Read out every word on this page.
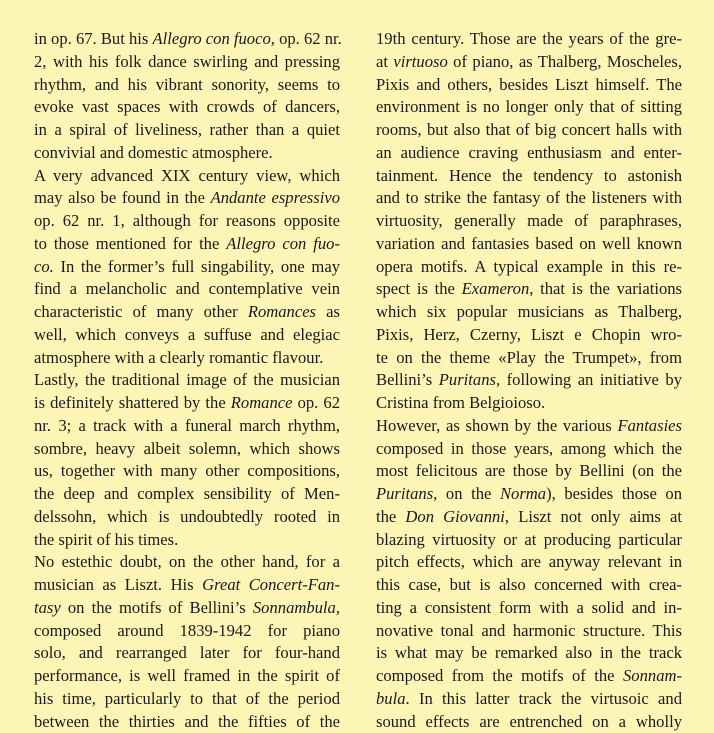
in op. 67. But his Allegro con fuoco, op. 62 nr.
2, with his folk dance swirling and pressing
rhythm, and his vibrant sonority, seems to
evoke vast spaces with crowds of dancers,
in a spiral of liveliness, rather than a quiet
convivial and domestic atmosphere.
A very advanced XIX century view, which
may also be found in the Andante espressivo
op. 62 nr. 1, although for reasons opposite
to those mentioned for the Allegro con fuo-
co. In the former’s full singability, one may
find a melancholic and contemplative vein
characteristic of many other Romances as
well, which conveys a suffuse and elegiac
atmosphere with a clearly romantic flavour.
Lastly, the traditional image of the musician
is definitely shattered by the Romance op. 62
nr. 3; a track with a funeral march rhythm,
sombre, heavy albeit solemn, which shows
us, together with many other compositions,
the deep and complex sensibility of Men-
delssohn, which is undoubtedly rooted in
the spirit of his times.
No estethic doubt, on the other hand, for a
musician as Liszt. His Great Concert-Fan-
tasy on the motifs of Bellini’s Sonnambula,
composed around 1839-1942 for piano
solo, and rearranged later for four-hand
performance, is well framed in the spirit of
his time, particularly to that of the period
between the thirties and the fifties of the
19th century. Those are the years of the gre-
at virtuoso of piano, as Thalberg, Moscheles,
Pixis and others, besides Liszt himself. The
environment is no longer only that of sitting
rooms, but also that of big concert halls with
an audience craving enthusiasm and enter-
tainment. Hence the tendency to astonish
and to strike the fantasy of the listeners with
virtuosity, generally made of paraphrases,
variation and fantasies based on well known
opera motifs. A typical example in this re-
spect is the Exameron, that is the variations
which six popular musicians as Thalberg,
Pixis, Herz, Czerny, Liszt e Chopin wro-
te on the theme «Play the Trumpet», from
Bellini’s Puritans, following an initiative by
Cristina from Belgioioso.
However, as shown by the various Fantasies
composed in those years, among which the
most felicitous are those by Bellini (on the
Puritans, on the Norma), besides those on
the Don Giovanni, Liszt not only aims at
blazing virtuosity or at producing particular
pitch effects, which are anyway relevant in
this case, but is also concerned with crea-
ting a consistent form with a solid and in-
novative tonal and harmonic structure. This
is what may be remarked also in the track
composed from the motifs of the Sonnam-
bula. In this latter track the virtusoic and
sound effects are entrenched on a wholly
